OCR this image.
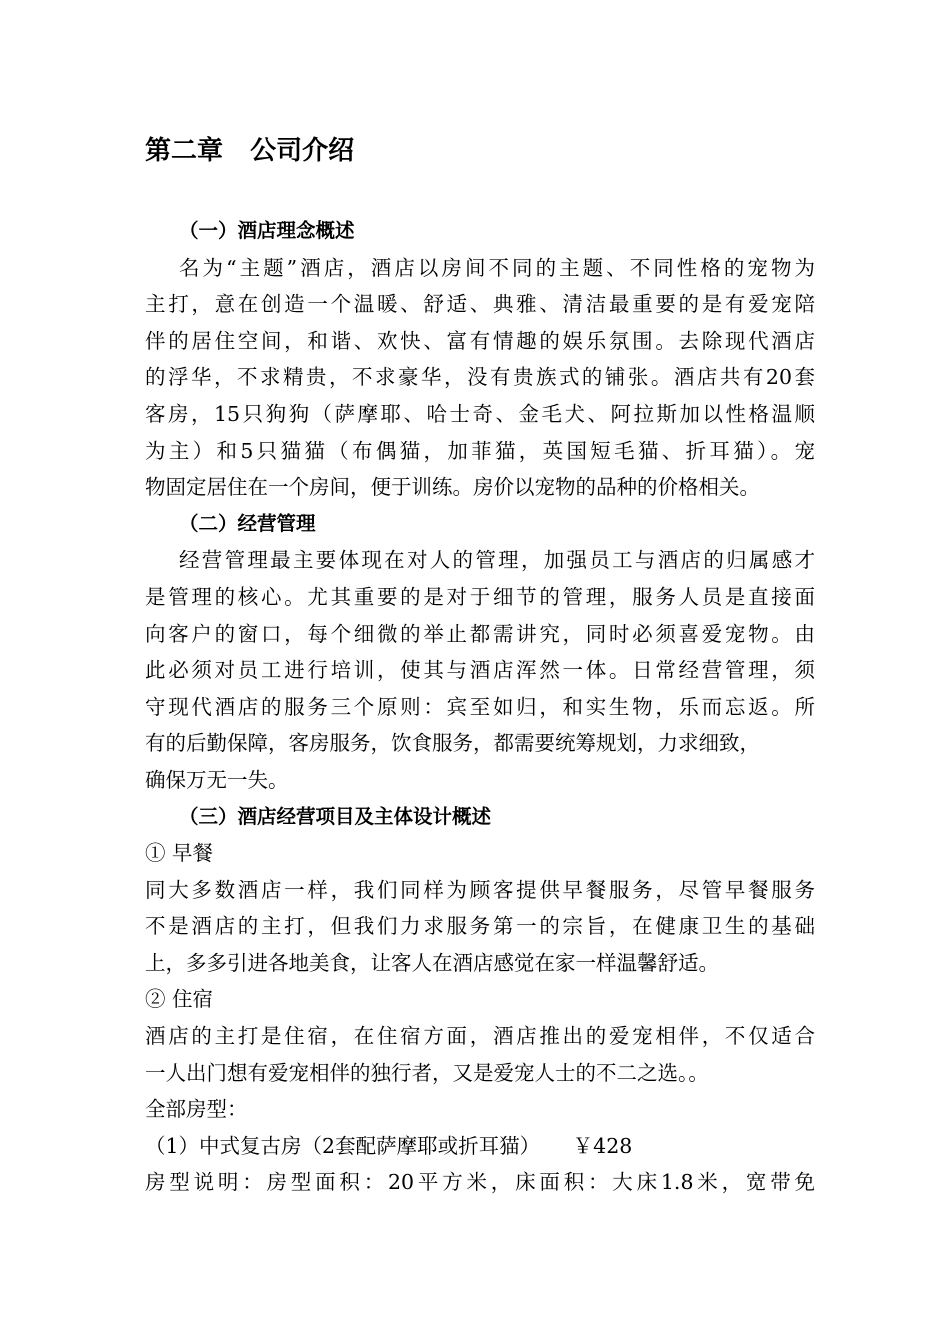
第二章   公司介绍
（一）酒店理念概述
名为“主题”酒店，酒店以房间不同的主题、不同性格的宠物为
主打，意在创造一个温暖、舒适、典雅、清洁最重要的是有爱宠陪
伴的居住空间，和谐、欢快、富有情趣的娱乐氛围。去除现代酒店
的浮华，不求精贵，不求豪华，没有贵族式的铺张。酒店共有20套
客房，15只狗狗（萨摩耶、哈士奇、金毛犬、阿拉斯加以性格温顺
为主）和5只猫猫（布偶猫，加菲猫，英国短毛猫、折耳猫）。宠
物固定居住在一个房间，便于训练。房价以宠物的品种的价格相关。
（二）经营管理
经营管理最主要体现在对人的管理，加强员工与酒店的归属感才
是管理的核心。尤其重要的是对于细节的管理，服务人员是直接面
向客户的窗口，每个细微的举止都需讲究，同时必须喜爱宠物。由
此必须对员工进行培训，使其与酒店浑然一体。日常经营管理，须
守现代酒店的服务三个原则：宾至如归，和实生物，乐而忘返。所
有的后勤保障，客房服务，饮食服务，都需要统筹规划，力求细致，
确保万无一失。
（三）酒店经营项目及主体设计概述
① 早餐
同大多数酒店一样，我们同样为顾客提供早餐服务，尽管早餐服务
不是酒店的主打，但我们力求服务第一的宗旨，在健康卫生的基础
上，多多引进各地美食，让客人在酒店感觉在家一样温馨舒适。
② 住宿
酒店的主打是住宿，在住宿方面，酒店推出的爱宠相伴，不仅适合
一人出门想有爱宠相伴的独行者，又是爱宠人士的不二之选。。
全部房型：
（1）中式复古房（2套配萨摩耶或折耳猫）     ￥428
房型说明：房型面积：20平方米，床面积：大床1.8米，宽带免
